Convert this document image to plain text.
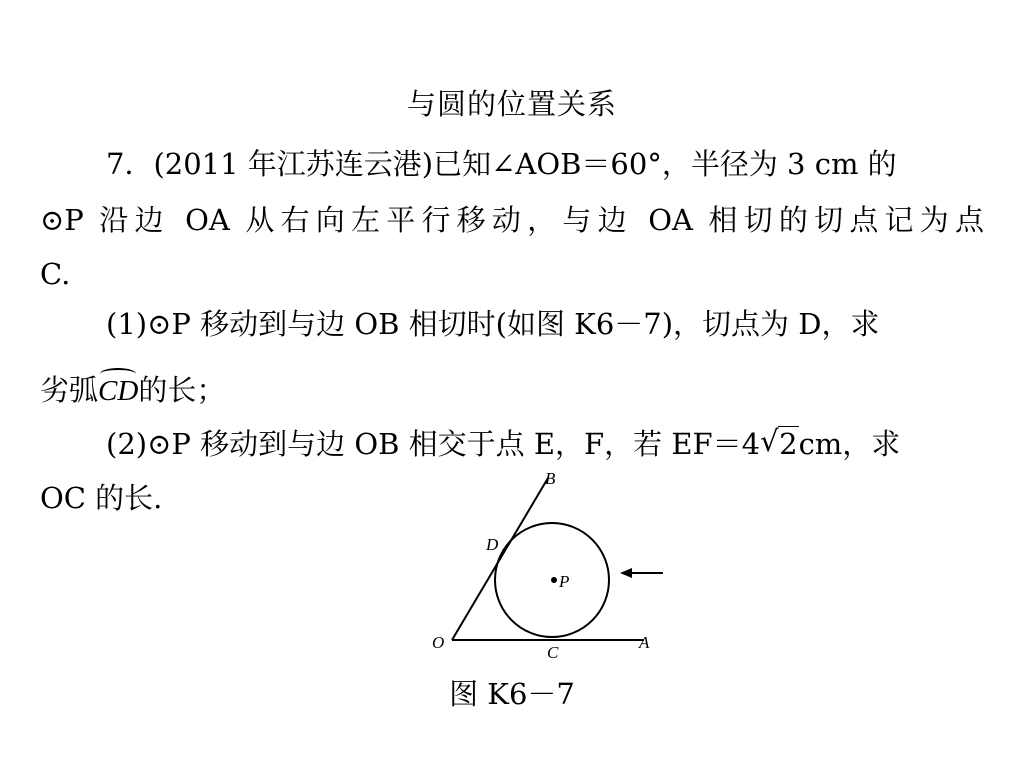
与圆的位置关系
7．(2011 年江苏连云港)已知∠AOB＝60°，半径为 3 cm 的
⊙P 沿边 OA 从右向左平行移动，与边 OA 相切的切点记为点
C.
(1)⊙P 移动到与边 OB 相切时(如图 K6－7)，切点为 D，求
劣弧CD的长；
(2)⊙P 移动到与边 OB 相交于点 E，F，若 EF＝4 √ 2cm，求
OC 的长.
B
D
P
O
C
A
图 K6－7
